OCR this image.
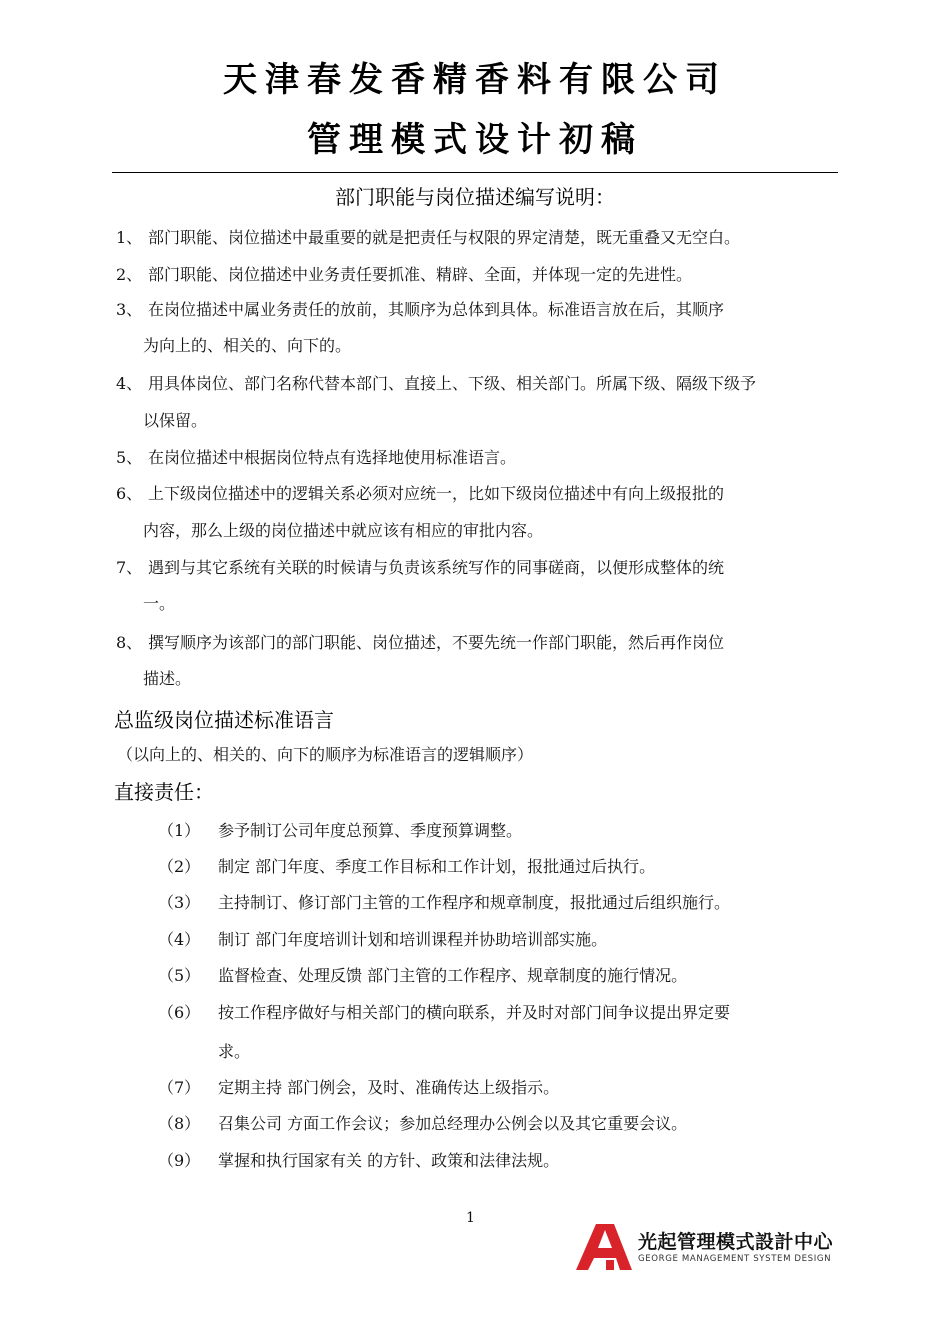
天津春发香精香料有限公司
管理模式设计初稿
部门职能与岗位描述编写说明：
1、 部门职能、岗位描述中最重要的就是把责任与权限的界定清楚，既无重叠又无空白。
2、 部门职能、岗位描述中业务责任要抓准、精辟、全面，并体现一定的先进性。
3、 在岗位描述中属业务责任的放前，其顺序为总体到具体。标准语言放在后，其顺序
为向上的、相关的、向下的。
4、 用具体岗位、部门名称代替本部门、直接上、下级、相关部门。所属下级、隔级下级予
以保留。
5、 在岗位描述中根据岗位特点有选择地使用标准语言。
6、 上下级岗位描述中的逻辑关系必须对应统一，比如下级岗位描述中有向上级报批的
内容，那么上级的岗位描述中就应该有相应的审批内容。
7、 遇到与其它系统有关联的时候请与负责该系统写作的同事磋商，以便形成整体的统
一。
8、 撰写顺序为该部门的部门职能、岗位描述，不要先统一作部门职能，然后再作岗位
描述。
总监级岗位描述标准语言
（以向上的、相关的、向下的顺序为标准语言的逻辑顺序）
直接责任：
（1） 参予制订公司年度总预算、季度预算调整。
（2） 制定 部门年度、季度工作目标和工作计划，报批通过后执行。
（3） 主持制订、修订部门主管的工作程序和规章制度，报批通过后组织施行。
（4） 制订 部门年度培训计划和培训课程并协助培训部实施。
（5） 监督检查、处理反馈 部门主管的工作程序、规章制度的施行情况。
（6） 按工作程序做好与相关部门的横向联系，并及时对部门间争议提出界定要
求。
（7） 定期主持 部门例会，及时、准确传达上级指示。
（8） 召集公司 方面工作会议；参加总经理办公例会以及其它重要会议。
（9） 掌握和执行国家有关 的方针、政策和法律法规。
1
光起管理模式設計中心
GEORGE MANAGEMENT SYSTEM DESIGN
